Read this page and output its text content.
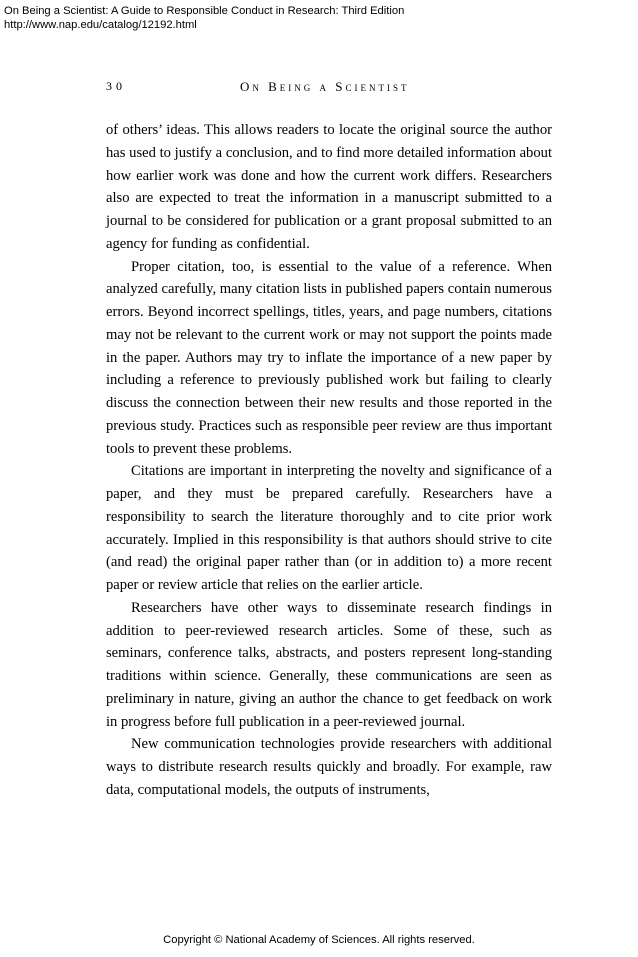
On Being a Scientist: A Guide to Responsible Conduct in Research: Third Edition
http://www.nap.edu/catalog/12192.html
30	On Being a Scientist

of others’ ideas. This allows readers to locate the original source the author has used to justify a conclusion, and to find more detailed information about how earlier work was done and how the current work differs. Researchers also are expected to treat the information in a manuscript submitted to a journal to be considered for publication or a grant proposal submitted to an agency for funding as confidential.

Proper citation, too, is essential to the value of a reference. When analyzed carefully, many citation lists in published papers contain numerous errors. Beyond incorrect spellings, titles, years, and page numbers, citations may not be relevant to the current work or may not support the points made in the paper. Authors may try to inflate the importance of a new paper by including a reference to previously published work but failing to clearly discuss the connection between their new results and those reported in the previous study. Practices such as responsible peer review are thus important tools to prevent these problems.

Citations are important in interpreting the novelty and significance of a paper, and they must be prepared carefully. Researchers have a responsibility to search the literature thoroughly and to cite prior work accurately. Implied in this responsibility is that authors should strive to cite (and read) the original paper rather than (or in addition to) a more recent paper or review article that relies on the earlier article.

Researchers have other ways to disseminate research findings in addition to peer-reviewed research articles. Some of these, such as seminars, conference talks, abstracts, and posters represent long-standing traditions within science. Generally, these communications are seen as preliminary in nature, giving an author the chance to get feedback on work in progress before full publication in a peer-reviewed journal.

New communication technologies provide researchers with additional ways to distribute research results quickly and broadly. For example, raw data, computational models, the outputs of instruments,

Copyright © National Academy of Sciences. All rights reserved.
